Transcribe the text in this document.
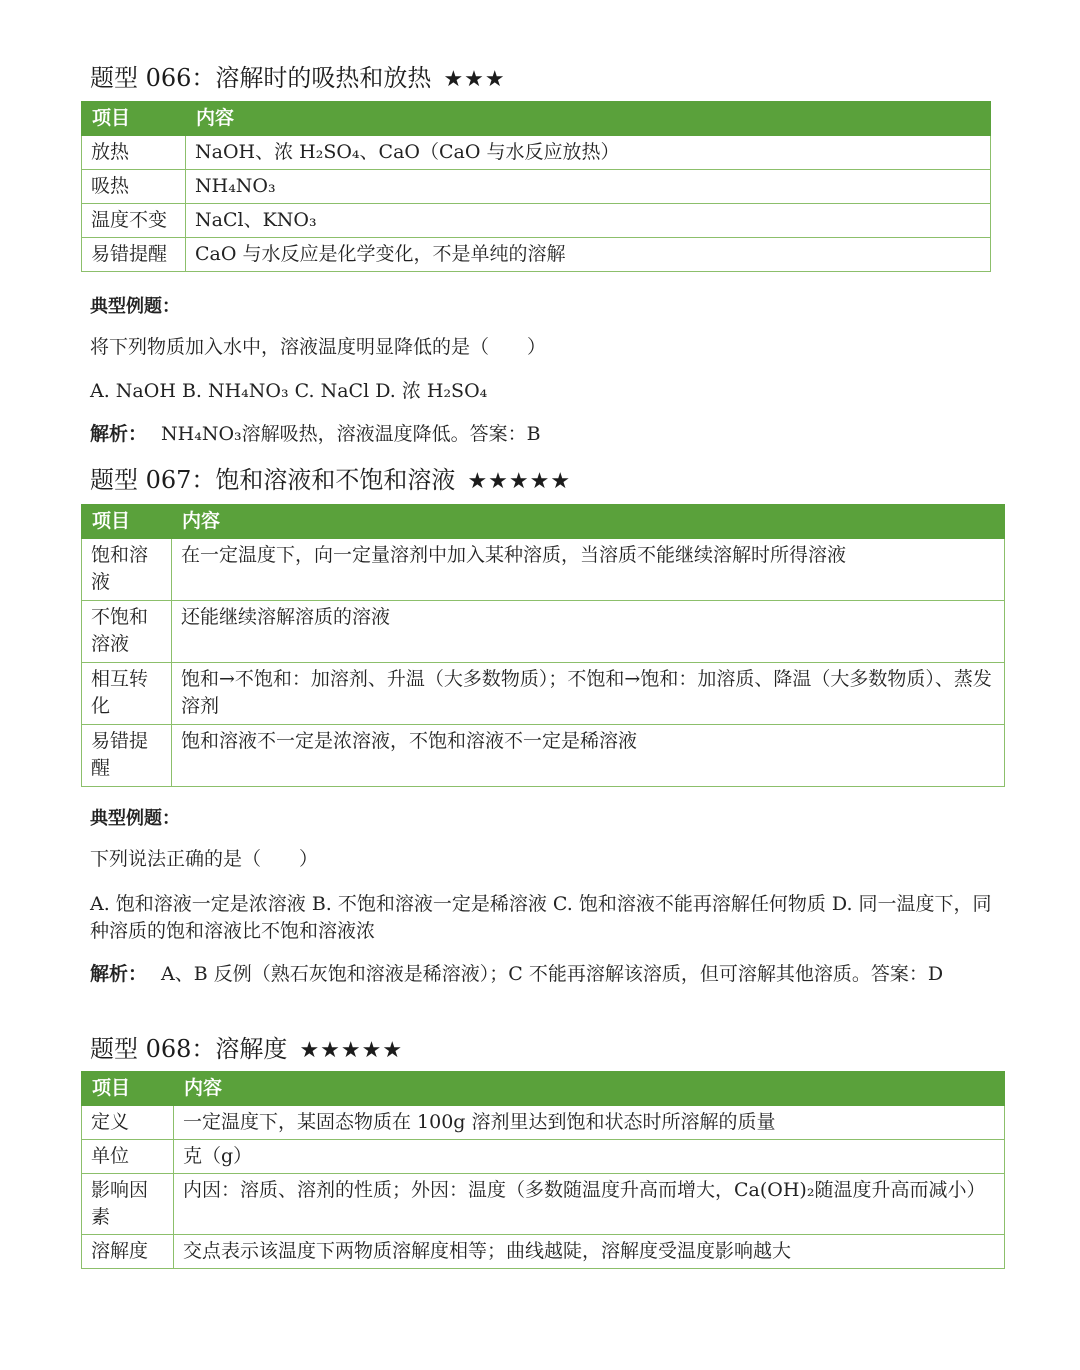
题型 066：溶解时的吸热和放热 ★★★
项目	内容
放热	NaOH、浓 H₂SO₄、CaO（CaO 与水反应放热）
吸热	NH₄NO₃
温度不变	NaCl、KNO₃
易错提醒	CaO 与水反应是化学变化，不是单纯的溶解
典型例题：
将下列物质加入水中，溶液温度明显降低的是（　　）
A. NaOH B. NH₄NO₃ C. NaCl D. 浓 H₂SO₄
解析： NH₄NO₃溶解吸热，溶液温度降低。答案：B
题型 067：饱和溶液和不饱和溶液 ★★★★★
项目	内容
饱和溶液	在一定温度下，向一定量溶剂中加入某种溶质，当溶质不能继续溶解时所得溶液
不饱和溶液	还能继续溶解溶质的溶液
相互转化	饱和→不饱和：加溶剂、升温（大多数物质）；不饱和→饱和：加溶质、降温（大多数物质）、蒸发溶剂
易错提醒	饱和溶液不一定是浓溶液，不饱和溶液不一定是稀溶液
典型例题：
下列说法正确的是（　　）
A. 饱和溶液一定是浓溶液 B. 不饱和溶液一定是稀溶液 C. 饱和溶液不能再溶解任何物质 D. 同一温度下，同种溶质的饱和溶液比不饱和溶液浓
解析： A、B 反例（熟石灰饱和溶液是稀溶液）；C 不能再溶解该溶质，但可溶解其他溶质。答案：D
题型 068：溶解度 ★★★★★
项目	内容
定义	一定温度下，某固态物质在 100g 溶剂里达到饱和状态时所溶解的质量
单位	克（g）
影响因素	内因：溶质、溶剂的性质；外因：温度（多数随温度升高而增大，Ca(OH)₂随温度升高而减小）
溶解度	交点表示该温度下两物质溶解度相等；曲线越陡，溶解度受温度影响越大
